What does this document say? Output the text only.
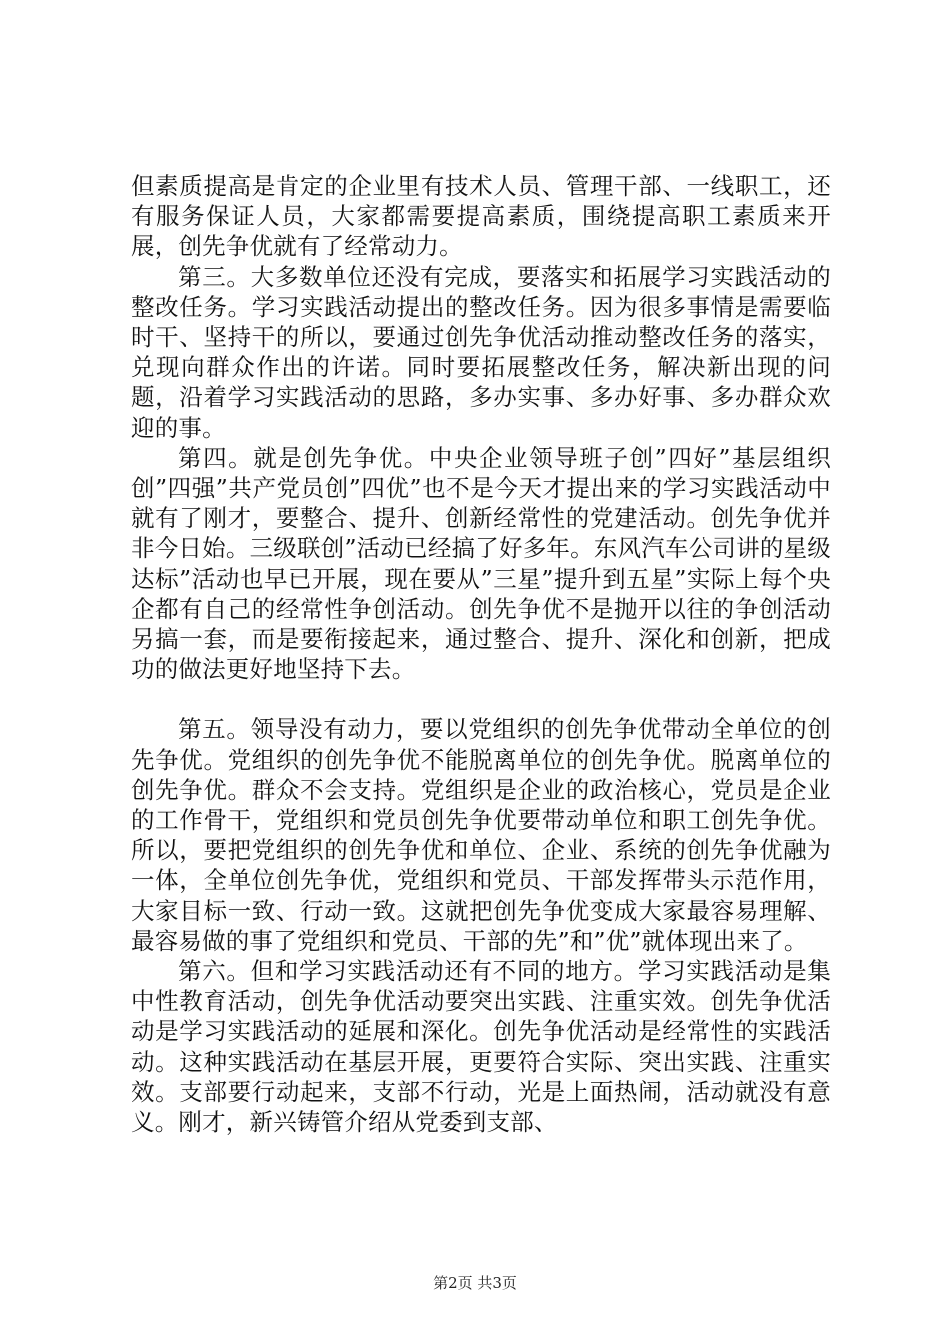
但素质提高是肯定的企业里有技术人员、管理干部、一线职工，还有服务保证人员，大家都需要提高素质，围绕提高职工素质来开展，创先争优就有了经常动力。

第三。大多数单位还没有完成，要落实和拓展学习实践活动的整改任务。学习实践活动提出的整改任务。因为很多事情是需要临时干、坚持干的所以，要通过创先争优活动推动整改任务的落实，兑现向群众作出的许诺。同时要拓展整改任务，解决新出现的问题，沿着学习实践活动的思路，多办实事、多办好事、多办群众欢迎的事。

第四。就是创先争优。中央企业领导班子创”四好”基层组织创”四强”共产党员创”四优”也不是今天才提出来的学习实践活动中就有了刚才，要整合、提升、创新经常性的党建活动。创先争优并非今日始。三级联创”活动已经搞了好多年。东风汽车公司讲的星级达标”活动也早已开展，现在要从”三星”提升到五星”实际上每个央企都有自己的经常性争创活动。创先争优不是抛开以往的争创活动另搞一套，而是要衔接起来，通过整合、提升、深化和创新，把成功的做法更好地坚持下去。

第五。领导没有动力，要以党组织的创先争优带动全单位的创先争优。党组织的创先争优不能脱离单位的创先争优。脱离单位的创先争优。群众不会支持。党组织是企业的政治核心，党员是企业的工作骨干，党组织和党员创先争优要带动单位和职工创先争优。所以，要把党组织的创先争优和单位、企业、系统的创先争优融为一体，全单位创先争优，党组织和党员、干部发挥带头示范作用，大家目标一致、行动一致。这就把创先争优变成大家最容易理解、最容易做的事了党组织和党员、干部的先”和”优”就体现出来了。

第六。但和学习实践活动还有不同的地方。学习实践活动是集中性教育活动，创先争优活动要突出实践、注重实效。创先争优活动是学习实践活动的延展和深化。创先争优活动是经常性的实践活动。这种实践活动在基层开展，更要符合实际、突出实践、注重实效。支部要行动起来，支部不行动，光是上面热闹，活动就没有意义。刚才，新兴铸管介绍从党委到支部、

第2页 共3页
